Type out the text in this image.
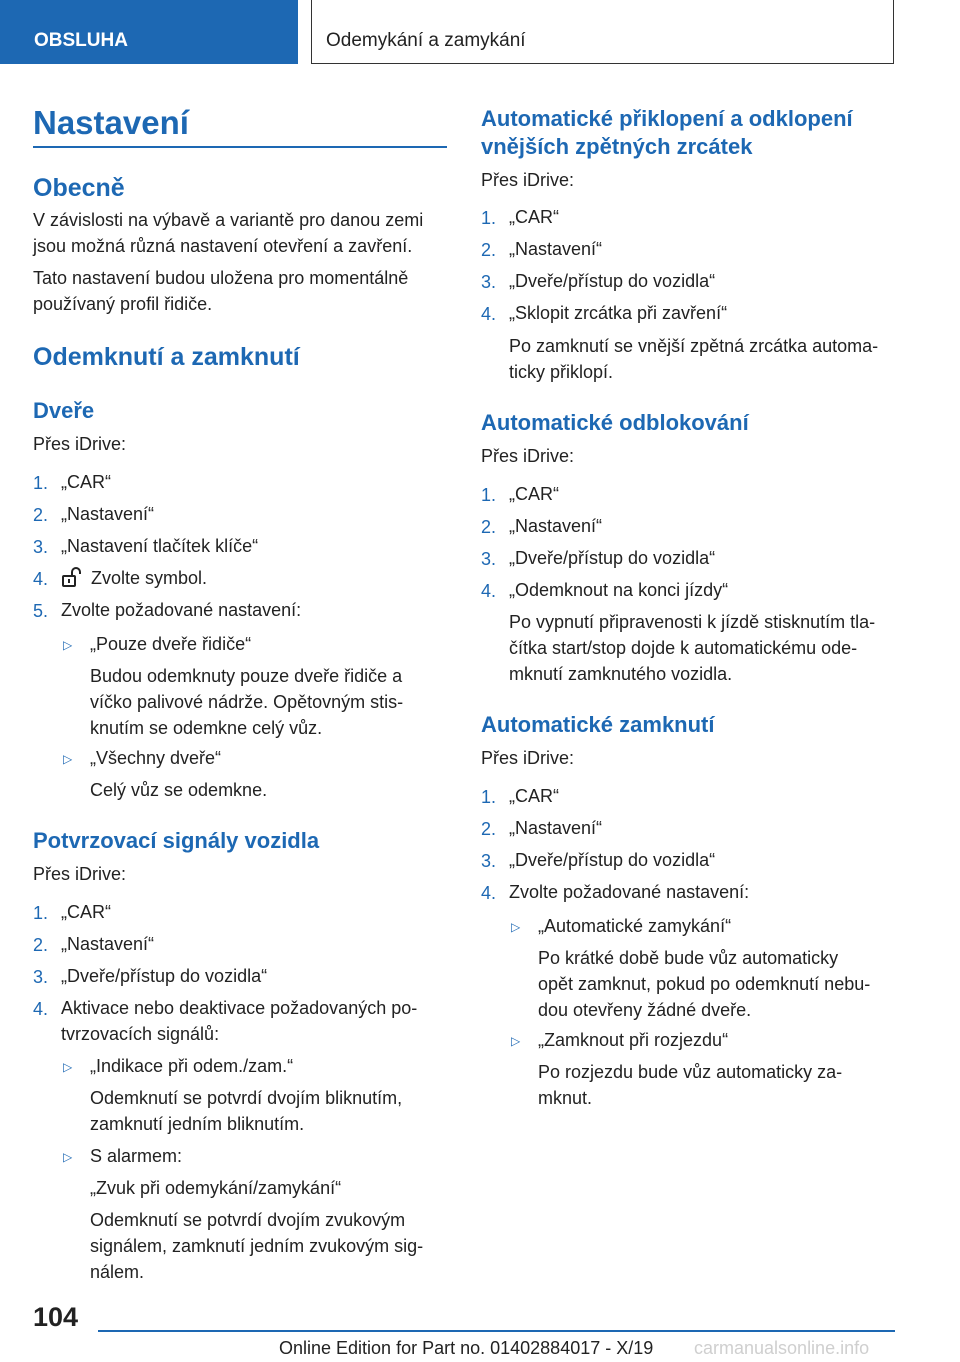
OBSLUHA	Odemykání a zamykání
Nastavení
Obecně
V závislosti na výbavě a variantě pro danou zemi
jsou možná různá nastavení otevření a zavření.
Tato nastavení budou uložena pro momentálně
používaný profil řidiče.
Odemknutí a zamknutí
Dveře
Přes iDrive:
1. „CAR“
2. „Nastavení“
3. „Nastavení tlačítek klíče“
4. Zvolte symbol.
5. Zvolte požadované nastavení:
▷ „Pouze dveře řidiče“
Budou odemknuty pouze dveře řidiče a
víčko palivové nádrže. Opětovným stis-
knutím se odemkne celý vůz.
▷ „Všechny dveře“
Celý vůz se odemkne.
Potvrzovací signály vozidla
Přes iDrive:
1. „CAR“
2. „Nastavení“
3. „Dveře/přístup do vozidla“
4. Aktivace nebo deaktivace požadovaných po-
tvrzovacích signálů:
▷ „Indikace při odem./zam.“
Odemknutí se potvrdí dvojím bliknutím,
zamknutí jedním bliknutím.
▷ S alarmem:
„Zvuk při odemykání/zamykání“
Odemknutí se potvrdí dvojím zvukovým
signálem, zamknutí jedním zvukovým sig-
nálem.
Automatické přiklopení a odklopení
vnějších zpětných zrcátek
Přes iDrive:
1. „CAR“
2. „Nastavení“
3. „Dveře/přístup do vozidla“
4. „Sklopit zrcátka při zavření“
Po zamknutí se vnější zpětná zrcátka automa-
ticky přiklopí.
Automatické odblokování
Přes iDrive:
1. „CAR“
2. „Nastavení“
3. „Dveře/přístup do vozidla“
4. „Odemknout na konci jízdy“
Po vypnutí připravenosti k jízdě stisknutím tla-
čítka start/stop dojde k automatickému ode-
mknutí zamknutého vozidla.
Automatické zamknutí
Přes iDrive:
1. „CAR“
2. „Nastavení“
3. „Dveře/přístup do vozidla“
4. Zvolte požadované nastavení:
▷ „Automatické zamykání“
Po krátké době bude vůz automaticky
opět zamknut, pokud po odemknutí nebu-
dou otevřeny žádné dveře.
▷ „Zamknout při rozjezdu“
Po rozjezdu bude vůz automaticky za-
mknut.
104
Online Edition for Part no. 01402884017 - X/19 carmanualsonline.info
